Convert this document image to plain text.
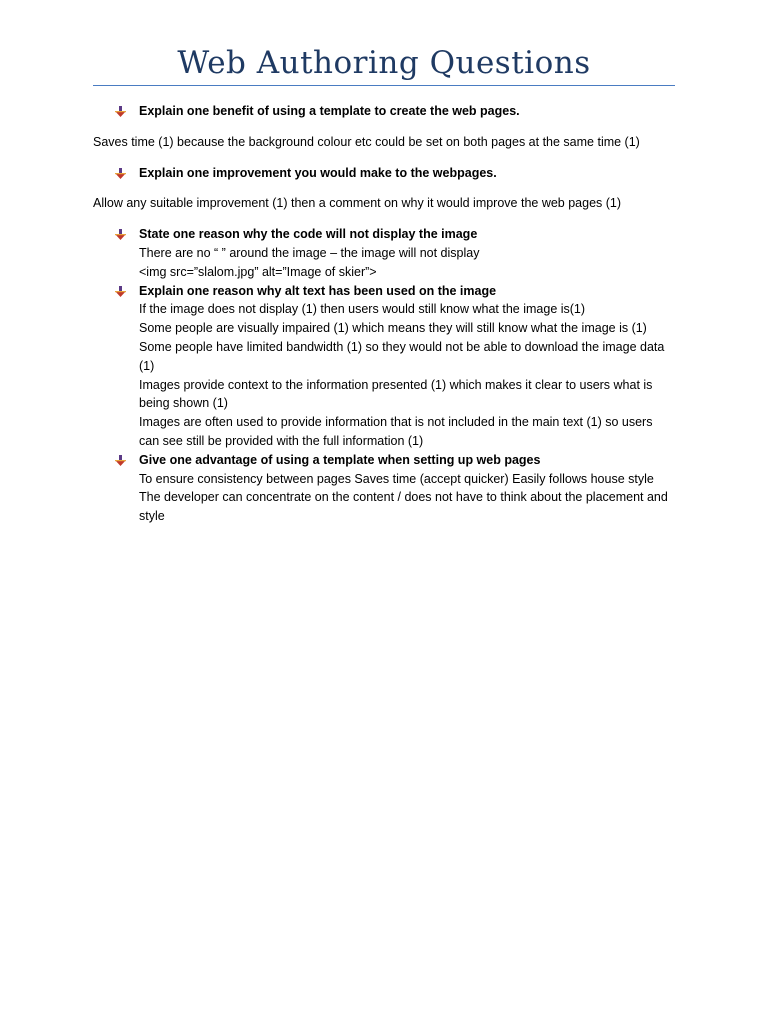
Web Authoring Questions
Explain one benefit of using a template to create the web pages.
Saves time (1) because the background colour etc could be set on both pages at the same time (1)
Explain one improvement you would make to the webpages.
Allow any suitable improvement (1) then a comment on why it would improve the web pages (1)
State one reason why the code will not display the image
There are no “ ” around the image – the image will not display
<img src=”slalom.jpg” alt=”Image of skier”>
Explain one reason why alt text has been used on the image
If the image does not display (1) then users would still know what the image is(1)
Some people are visually impaired (1) which means they will still know what the image is (1)
Some people have limited bandwidth (1) so they would not be able to download the image data (1)
Images provide context to the information presented (1) which makes it clear to users what is being shown (1)
Images are often used to provide information that is not included in the main text (1) so users can see still be provided with the full information (1)
Give one advantage of using a template when setting up web pages
To ensure consistency between pages Saves time (accept quicker) Easily follows house style
The developer can concentrate on the content / does not have to think about the placement and style
